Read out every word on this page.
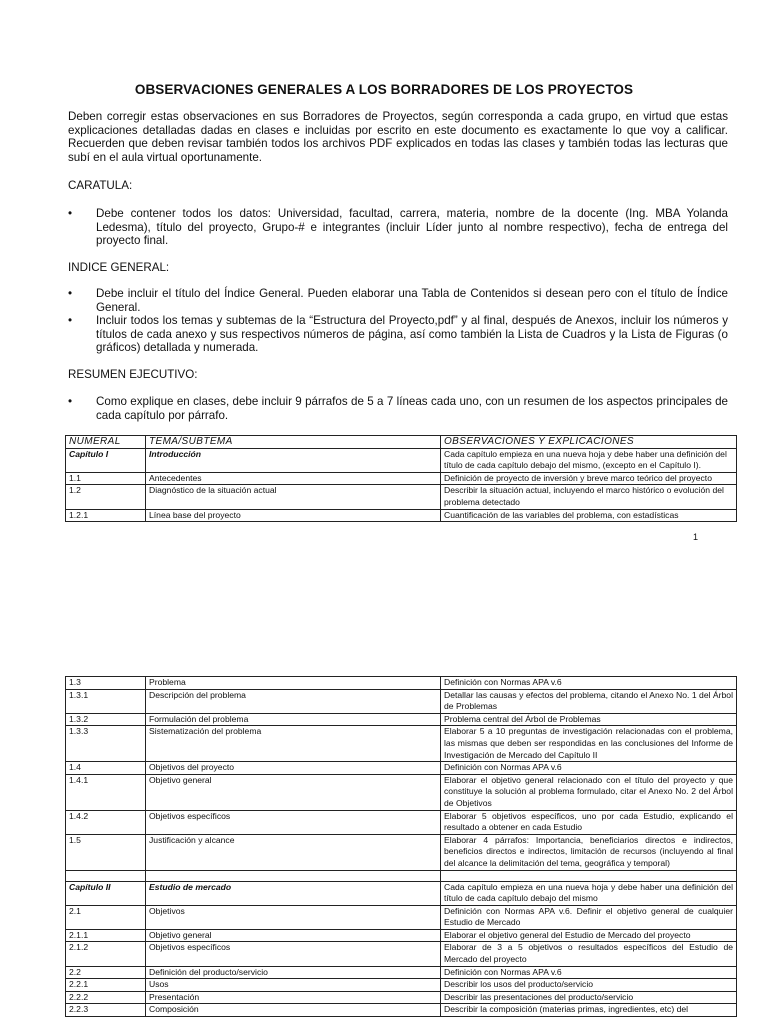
OBSERVACIONES GENERALES A LOS BORRADORES DE LOS PROYECTOS
Deben corregir estas observaciones en sus Borradores de Proyectos, según corresponda a cada grupo, en virtud que estas explicaciones detalladas dadas en clases e incluidas por escrito en este documento es exactamente lo que voy a calificar. Recuerden que deben revisar también todos los archivos PDF explicados en todas las clases y también todas las lecturas que subí en el aula virtual oportunamente.
CARATULA:
• Debe contener todos los datos: Universidad, facultad, carrera, materia, nombre de la docente (Ing. MBA Yolanda Ledesma), título del proyecto, Grupo-# e integrantes (incluir Líder junto al nombre respectivo), fecha de entrega del proyecto final.
INDICE GENERAL:
• Debe incluir el título del Índice General. Pueden elaborar una Tabla de Contenidos si desean pero con el título de Índice General.
• Incluir todos los temas y subtemas de la “Estructura del Proyecto,pdf” y al final, después de Anexos, incluir los números y títulos de cada anexo y sus respectivos números de página, así como también la Lista de Cuadros y la Lista de Figuras (o gráficos) detallada y numerada.
RESUMEN EJECUTIVO:
• Como explique en clases, debe incluir 9 párrafos de 5 a 7 líneas cada uno, con un resumen de los aspectos principales de cada capítulo por párrafo.
NUMERAL	TEMA/SUBTEMA	OBSERVACIONES Y EXPLICACIONES
Capítulo I	Introducción	Cada capítulo empieza en una nueva hoja y debe haber una definición del título de cada capítulo debajo del mismo, (excepto en el Capítulo I).
1.1	Antecedentes	Definición de proyecto de inversión y breve marco teórico del proyecto
1.2	Diagnóstico de la situación actual	Describir la situación actual, incluyendo el marco histórico o evolución del problema detectado
1.2.1	Línea base del proyecto	Cuantificación de las variables del problema, con estadísticas
1
1.3	Problema	Definición con Normas APA v.6
1.3.1	Descripción del problema	Detallar las causas y efectos del problema, citando el Anexo No. 1 del Árbol de Problemas
1.3.2	Formulación del problema	Problema central del Árbol de Problemas
1.3.3	Sistematización del problema	Elaborar 5 a 10 preguntas de investigación relacionadas con el problema, las mismas que deben ser respondidas en las conclusiones del Informe de Investigación de Mercado del Capítulo II
1.4	Objetivos del proyecto	Definición con Normas APA v.6
1.4.1	Objetivo general	Elaborar el objetivo general relacionado con el título del proyecto y que constituye la solución al problema formulado, citar el Anexo No. 2 del Árbol de Objetivos
1.4.2	Objetivos específicos	Elaborar 5 objetivos específicos, uno por cada Estudio, explicando el resultado a obtener en cada Estudio
1.5	Justificación y alcance	Elaborar 4 párrafos: Importancia, beneficiarios directos e indirectos, beneficios directos e indirectos, limitación de recursos (incluyendo al final del alcance la delimitación del tema, geográfica y temporal)

Capítulo II	Estudio de mercado	Cada capítulo empieza en una nueva hoja y debe haber una definición del título de cada capítulo debajo del mismo
2.1	Objetivos	Definición con Normas APA v.6. Definir el objetivo general de cualquier Estudio de Mercado
2.1.1	Objetivo general	Elaborar el objetivo general del Estudio de Mercado del proyecto
2.1.2	Objetivos específicos	Elaborar de 3 a 5 objetivos o resultados específicos del Estudio de Mercado del proyecto
2.2	Definición del producto/servicio	Definición con Normas APA v.6
2.2.1	Usos	Describir los usos del producto/servicio
2.2.2	Presentación	Describir las presentaciones del producto/servicio
2.2.3	Composición	Describir la composición (materias primas, ingredientes, etc) del
